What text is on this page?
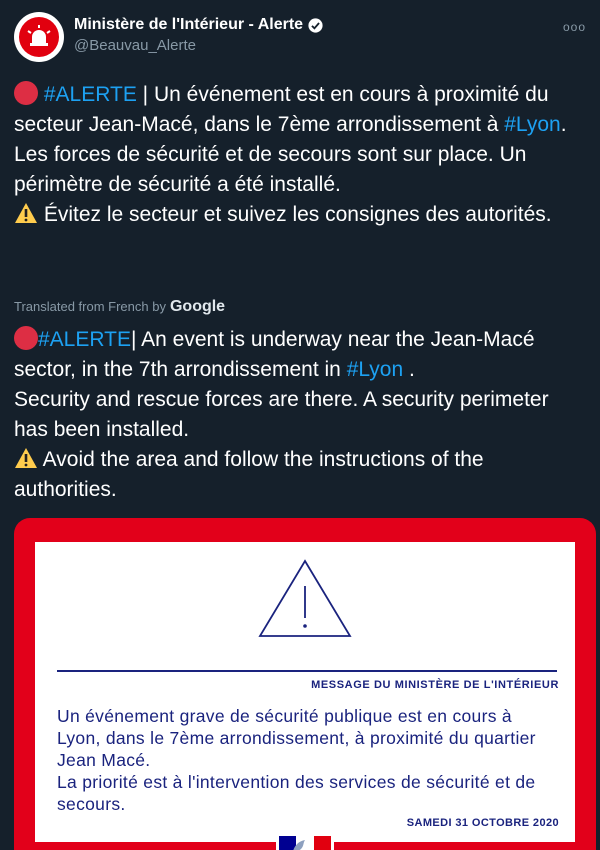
Ministère de l'Intérieur - Alerte
@Beauvau_Alerte
ooo

#ALERTE | Un événement est en cours à proximité du secteur Jean-Macé, dans le 7ème arrondissement à #Lyon.

Les forces de sécurité et de secours sont sur place. Un périmètre de sécurité a été installé.

Évitez le secteur et suivez les consignes des autorités.

Translated from French by Google

#ALERTE| An event is underway near the Jean-Macé sector, in the 7th arrondissement in #Lyon .

Security and rescue forces are there. A security perimeter has been installed.

Avoid the area and follow the instructions of the authorities.

MESSAGE DU MINISTÈRE DE L'INTÉRIEUR
Un événement grave de sécurité publique est en cours à Lyon, dans le 7ème arrondissement, à proximité du quartier Jean Macé.
La priorité est à l'intervention des services de sécurité et de secours.
SAMEDI 31 OCTOBRE 2020
